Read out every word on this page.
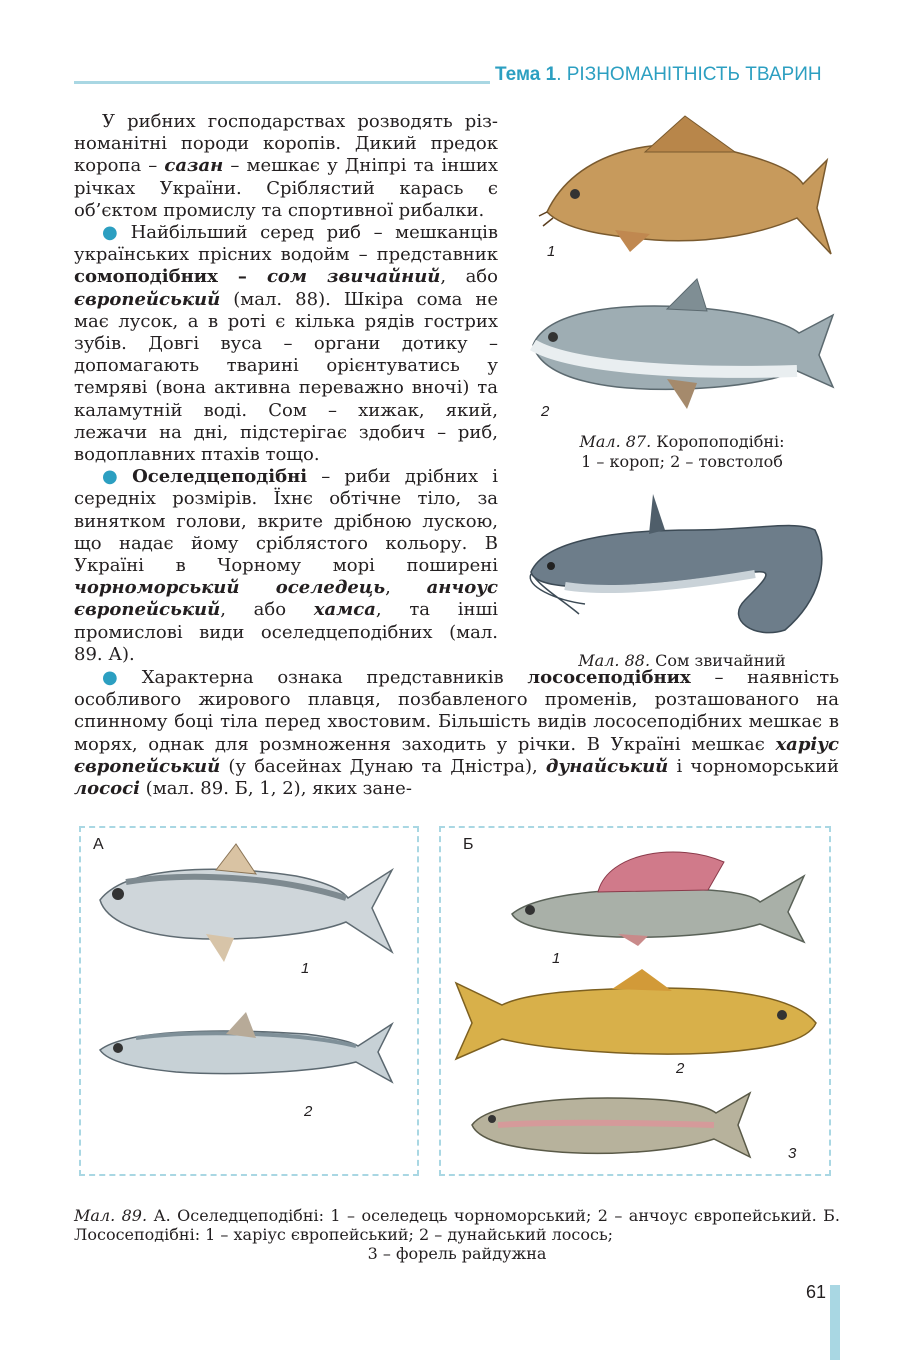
Тема 1. РІЗНОМАНІТНІСТЬ ТВАРИН

У рибних господарствах розводять різноманітні породи коропів. Дикий предок коропа – сазан – мешкає у Дніпрі та інших річках України. Сріблястий карась є об’єктом промислу та спортивної рибалки.

● Найбільший серед риб – мешканців українських прісних водойм – представник сомоподібних – сом звичайний, або європейський (мал. 88). Шкіра сома не має лусок, а в роті є кілька рядів гострих зубів. Довгі вуса – органи дотику – допомагають тварині орієнтуватись у темряві (вона активна переважно вночі) та каламутній воді. Сом – хижак, який, лежачи на дні, підстерігає здобич – риб, водоплавних птахів тощо.

● Оселедцеподібні – риби дрібних і середніх розмірів. Їхнє обтічне тіло, за винятком голови, вкрите дрібною лускою, що надає йому сріблястого кольору. В Україні в Чорному морі поширені чорноморський оселедець, анчоус європейський, або хамса, та інші промислові види оселедцеподібних (мал. 89. А).

● Характерна ознака представників лососеподібних – наявність особливого жирового плавця, позбавленого променів, розташованого на спинному боці тіла перед хвостовим. Більшість видів лососеподібних мешкає в морях, однак для розмноження заходить у річки. В Україні мешкає харіус європейський (у басейнах Дунаю та Дністра), дунайський і чорноморський лососі (мал. 89. Б, 1, 2), яких зане-

1
2
Мал. 87. Коропоподібні:
1 – короп; 2 – товстолоб
Мал. 88. Сом звичайний
А	Б
1
2
1
2
3
Мал. 89. А. Оселедцеподібні: 1 – оселедець чорноморський; 2 – анчоус європейський. Б. Лососеподібні: 1 – харіус європейський; 2 – дунайський лосось;
3 – форель райдужна
61
